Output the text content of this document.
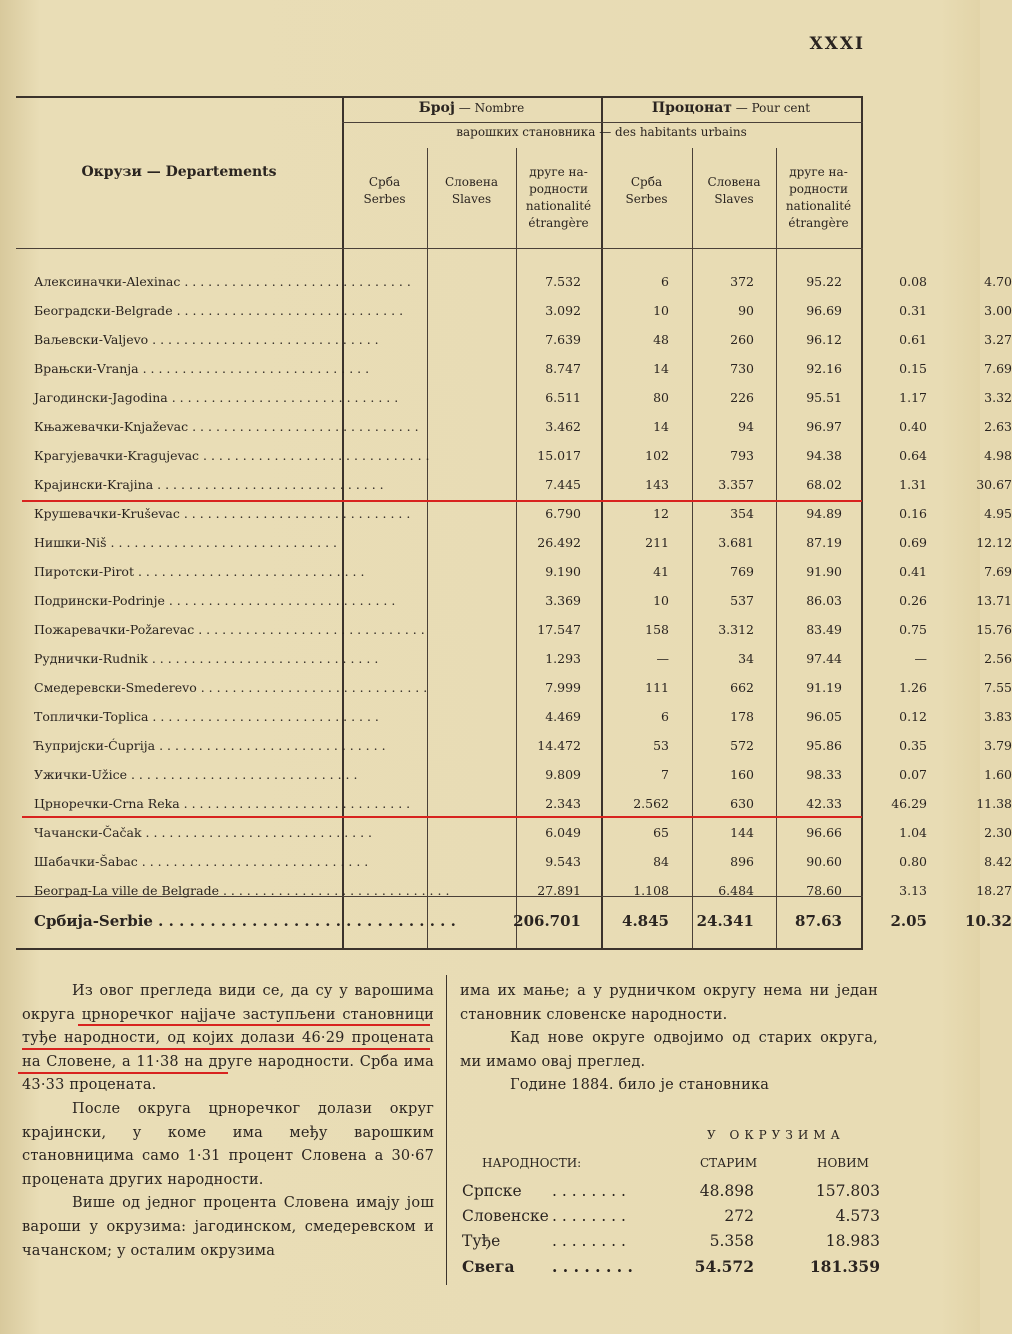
XXXI
Окрузи — Departements
Број — Nombre	Процонат — Pour cent
варошких становника — des habitants urbains
Срба
Serbes
Словена
Slaves
друге на-
родности
nationalité
étrangère
Срба
Serbes
Словена
Slaves
друге на-
родности
nationalité
étrangère
Алексиначки-Alexinac . . . . . . . . . . . . . . . . . . . . . . . . . . . . .	7.532	6	372	95.22	0.08	4.70
Београдски-Belgrade . . . . . . . . . . . . . . . . . . . . . . . . . . . . .	3.092	10	90	96.69	0.31	3.00
Ваљевски-Valjevo . . . . . . . . . . . . . . . . . . . . . . . . . . . . .	7.639	48	260	96.12	0.61	3.27
Врањски-Vranja . . . . . . . . . . . . . . . . . . . . . . . . . . . . .	8.747	14	730	92.16	0.15	7.69
Јагодински-Jagodina . . . . . . . . . . . . . . . . . . . . . . . . . . . . .	6.511	80	226	95.51	1.17	3.32
Књажевачки-Knjaževac . . . . . . . . . . . . . . . . . . . . . . . . . . . . .	3.462	14	94	96.97	0.40	2.63
Крагујевачки-Kragujevac . . . . . . . . . . . . . . . . . . . . . . . . . . . . .	15.017	102	793	94.38	0.64	4.98
Крајински-Krajina . . . . . . . . . . . . . . . . . . . . . . . . . . . . .	7.445	143	3.357	68.02	1.31	30.67
Крушевачки-Kruševac . . . . . . . . . . . . . . . . . . . . . . . . . . . . .	6.790	12	354	94.89	0.16	4.95
Нишки-Niš . . . . . . . . . . . . . . . . . . . . . . . . . . . . .	26.492	211	3.681	87.19	0.69	12.12
Пиротски-Pirot . . . . . . . . . . . . . . . . . . . . . . . . . . . . .	9.190	41	769	91.90	0.41	7.69
Подрински-Podrinje . . . . . . . . . . . . . . . . . . . . . . . . . . . . .	3.369	10	537	86.03	0.26	13.71
Пожаревачки-Požarevac . . . . . . . . . . . . . . . . . . . . . . . . . . . . .	17.547	158	3.312	83.49	0.75	15.76
Руднички-Rudnik . . . . . . . . . . . . . . . . . . . . . . . . . . . . .	1.293	—	34	97.44	—	2.56
Смедеревски-Smederevo . . . . . . . . . . . . . . . . . . . . . . . . . . . . .	7.999	111	662	91.19	1.26	7.55
Топлички-Toplica . . . . . . . . . . . . . . . . . . . . . . . . . . . . .	4.469	6	178	96.05	0.12	3.83
Ћупријски-Ćuprija . . . . . . . . . . . . . . . . . . . . . . . . . . . . .	14.472	53	572	95.86	0.35	3.79
Ужички-Užice . . . . . . . . . . . . . . . . . . . . . . . . . . . . .	9.809	7	160	98.33	0.07	1.60
Црноречки-Crna Reka . . . . . . . . . . . . . . . . . . . . . . . . . . . . .	2.343	2.562	630	42.33	46.29	11.38
Чачански-Čačak . . . . . . . . . . . . . . . . . . . . . . . . . . . . .	6.049	65	144	96.66	1.04	2.30
Шабачки-Šabac . . . . . . . . . . . . . . . . . . . . . . . . . . . . .	9.543	84	896	90.60	0.80	8.42
Београд-La ville de Belgrade . . . . . . . . . . . . . . . . . . . . . . . . . . . . .	27.891	1.108	6.484	78.60	3.13	18.27
Србија-Serbie . . . . . . . . . . . . . . . . . . . . . . . . . . . . .	206.701	4.845	24.341	87.63	2.05	10.32

Из овог прегледа види се, да су у варошима округа црноречког најјаче заступљени становници туђе народности, од којих долази 46·29 процената на Словене, а 11·38 на друге народности. Срба има 43·33 процената.

После округа црноречког долази округ крајински, у коме има међу варошким становницима само 1·31 процент Словена а 30·67 процената других народности.

Више од једног процента Словена имају још вароши у окрузима: јагодинском, смедеревском и чачанском; у осталим окрузима

има их мање; а у рудничком округу нема ни један становник словенске народности.

Кад нове округе одвојимо од старих округа, ми имамо овај преглед.

Године 1884. било је становника

У ОКРУЗИМА
НАРОДНОСТИ:	СТАРИМ	НОВИМ
Српске . . . . . . . .	48.898	157.803
Словенске . . . . . . . .	272	4.573
Туђе	. . . . . . . .	5.358	18.983
Свега . . . . . . . .	54.572	181.359
